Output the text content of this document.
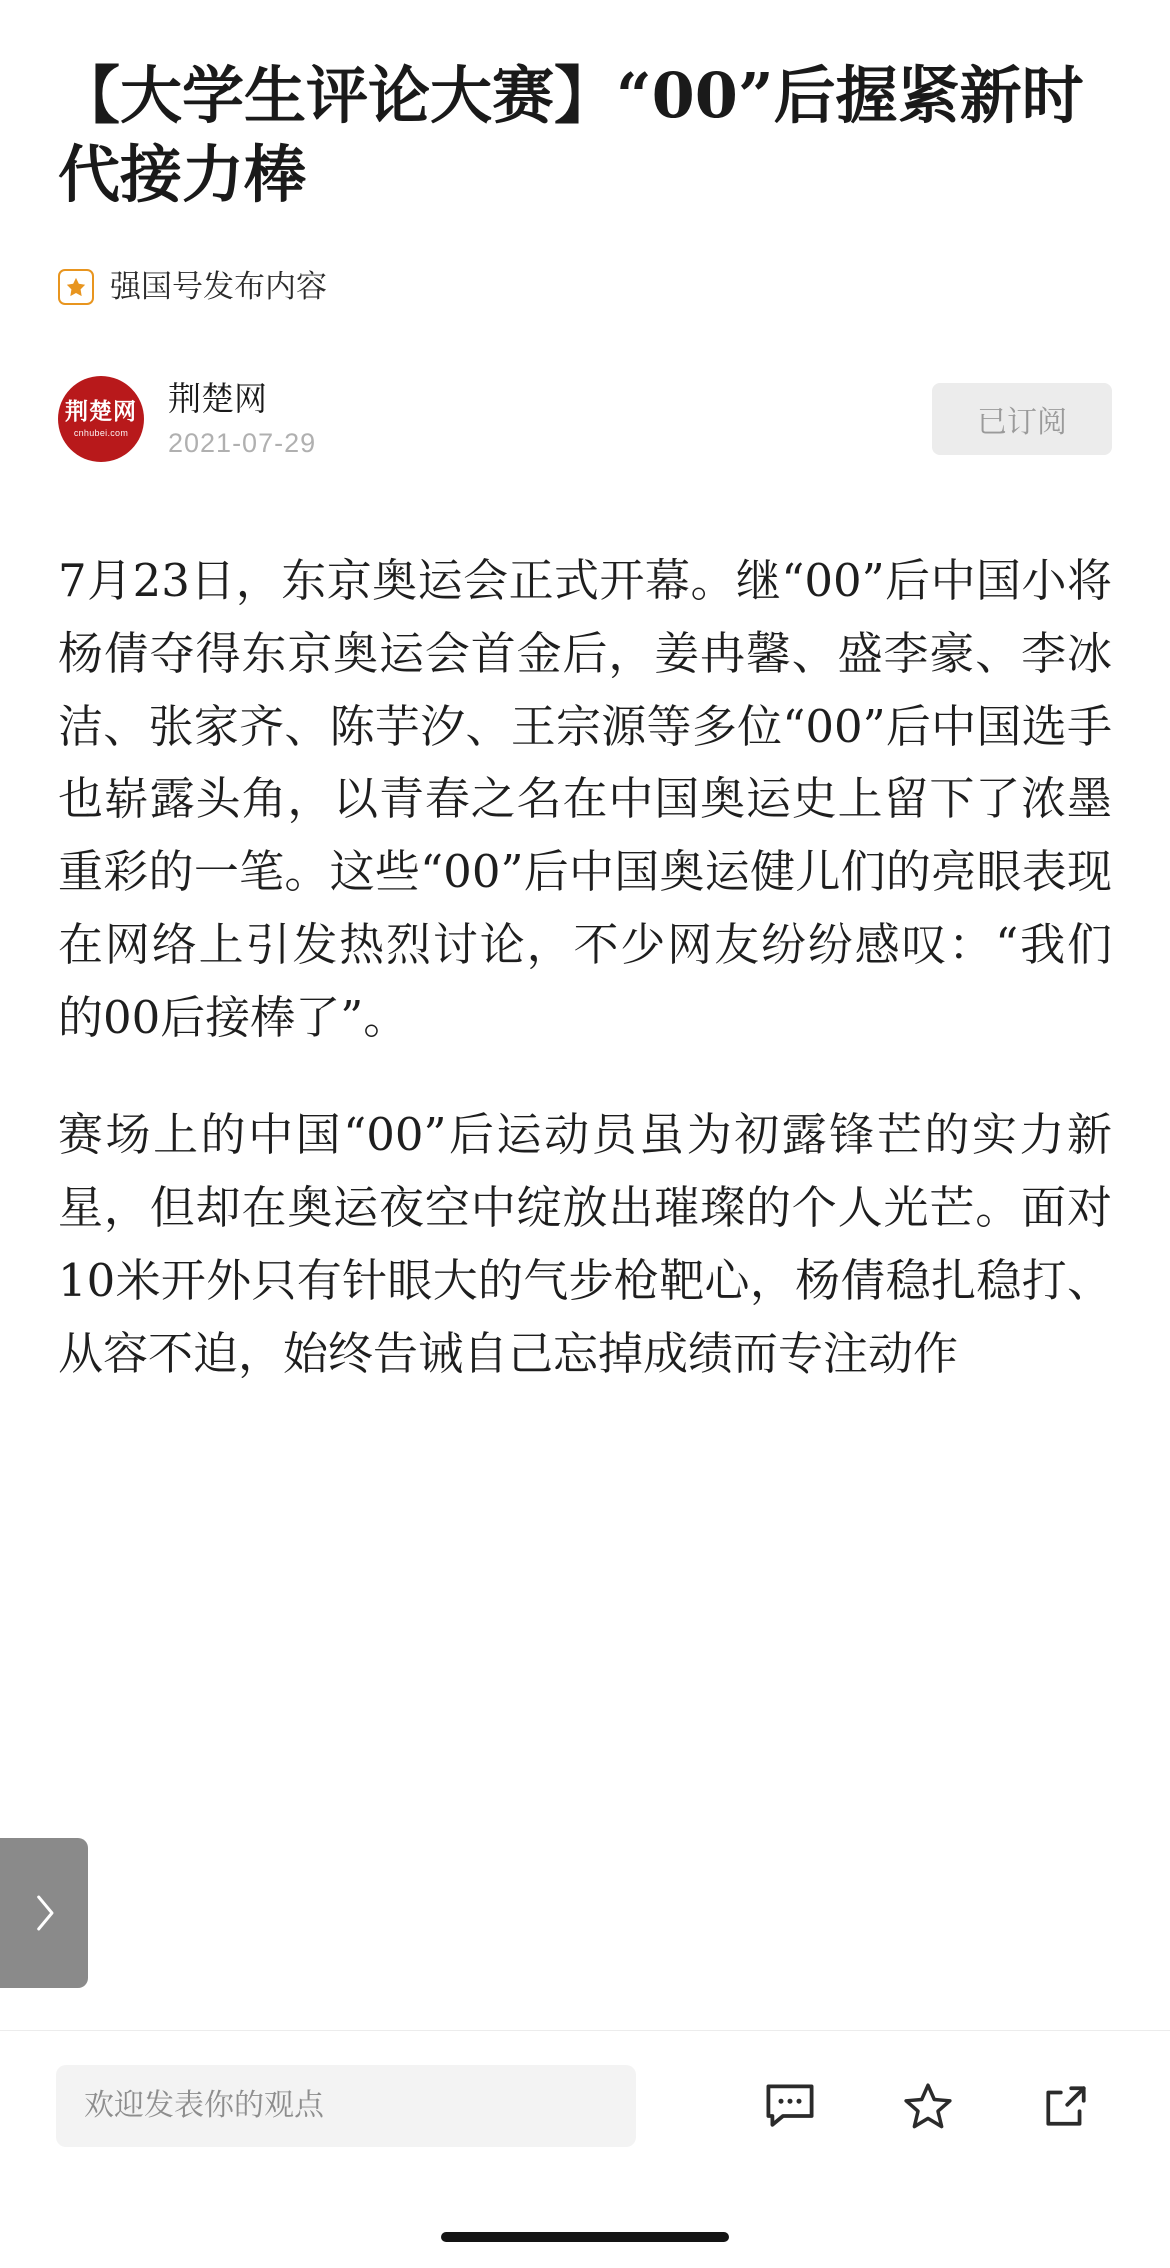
【大学生评论大赛】“00”后握紧新时代接力棒
强国号发布内容
荆楚网
cnhubei.com
荆楚网
2021-07-29
已订阅

7月23日，东京奥运会正式开幕。继“00”后中国小将杨倩夺得东京奥运会首金后，姜冉馨、盛李豪、李冰洁、张家齐、陈芋汐、王宗源等多位“00”后中国选手也崭露头角，以青春之名在中国奥运史上留下了浓墨重彩的一笔。这些“00”后中国奥运健儿们的亮眼表现在网络上引发热烈讨论，不少网友纷纷感叹：“我们的00后接棒了”。

赛场上的中国“00”后运动员虽为初露锋芒的实力新星，但却在奥运夜空中绽放出璀璨的个人光芒。面对10米开外只有针眼大的气步枪靶心，杨倩稳扎稳打、从容不迫，始终告诫自己忘掉成绩而专注动作

欢迎发表你的观点
